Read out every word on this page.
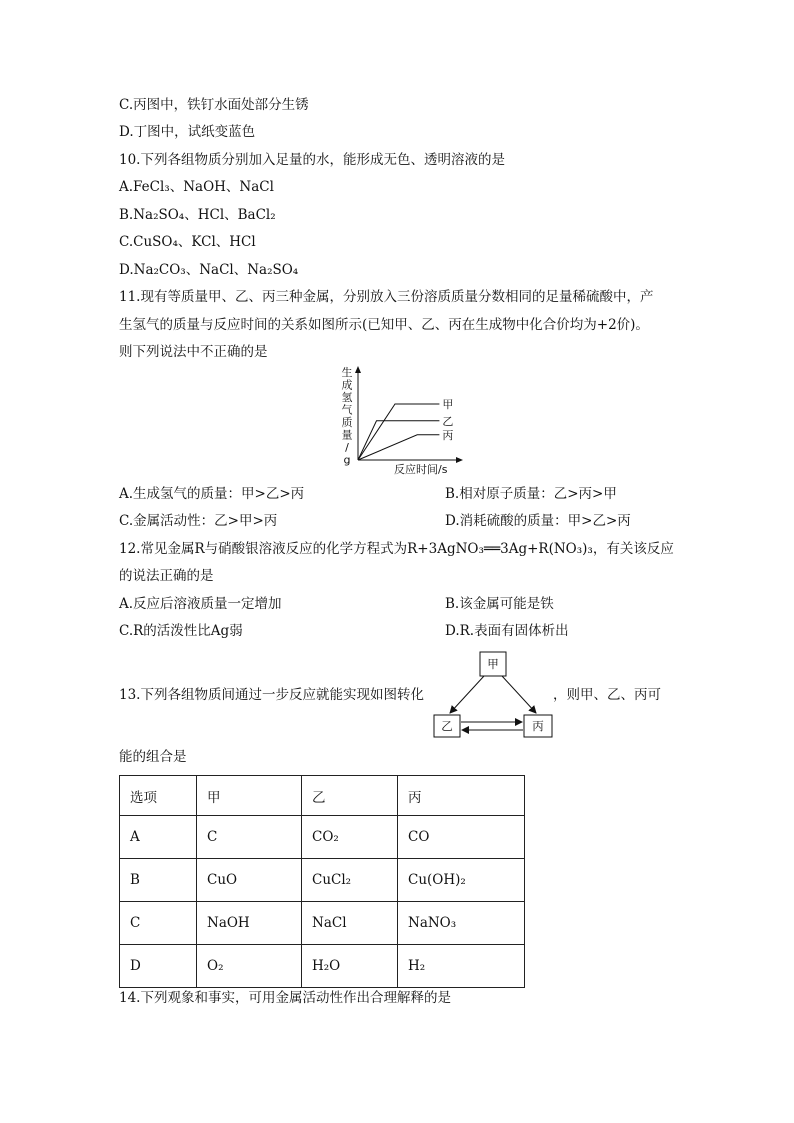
C.丙图中，铁钉水面处部分生锈
D.丁图中，试纸变蓝色
10.下列各组物质分别加入足量的水，能形成无色、透明溶液的是
A.FeCl₃、NaOH、NaCl
B.Na₂SO₄、HCl、BaCl₂
C.CuSO₄、KCl、HCl
D.Na₂CO₃、NaCl、Na₂SO₄
11.现有等质量甲、乙、丙三种金属，分别放入三份溶质质量分数相同的足量稀硫酸中，产
生氢气的质量与反应时间的关系如图所示(已知甲、乙、丙在生成物中化合价均为+2价)。
则下列说法中不正确的是
生
成
氢
气
质
量
/
g
甲
乙
丙
反应时间/s
A.生成氢气的质量：甲>乙>丙	B.相对原子质量：乙>丙>甲
C.金属活动性：乙>甲>丙	D.消耗硫酸的质量：甲>乙>丙
12.常见金属R与硝酸银溶液反应的化学方程式为R+3AgNO₃══3Ag+R(NO₃)₃，有关该反应
的说法正确的是
A.反应后溶液质量一定增加	B.该金属可能是铁
C.R的活泼性比Ag弱	D.R.表面有固体析出
13.下列各组物质间通过一步反应就能实现如图转化	，则甲、乙、丙可
甲
乙	丙
能的组合是
选项	甲	乙	丙
A	C	CO₂	CO
B	CuO	CuCl₂	Cu(OH)₂
C	NaOH	NaCl	NaNO₃
D	O₂	H₂O	H₂
14.下列观象和事实，可用金属活动性作出合理解释的是
